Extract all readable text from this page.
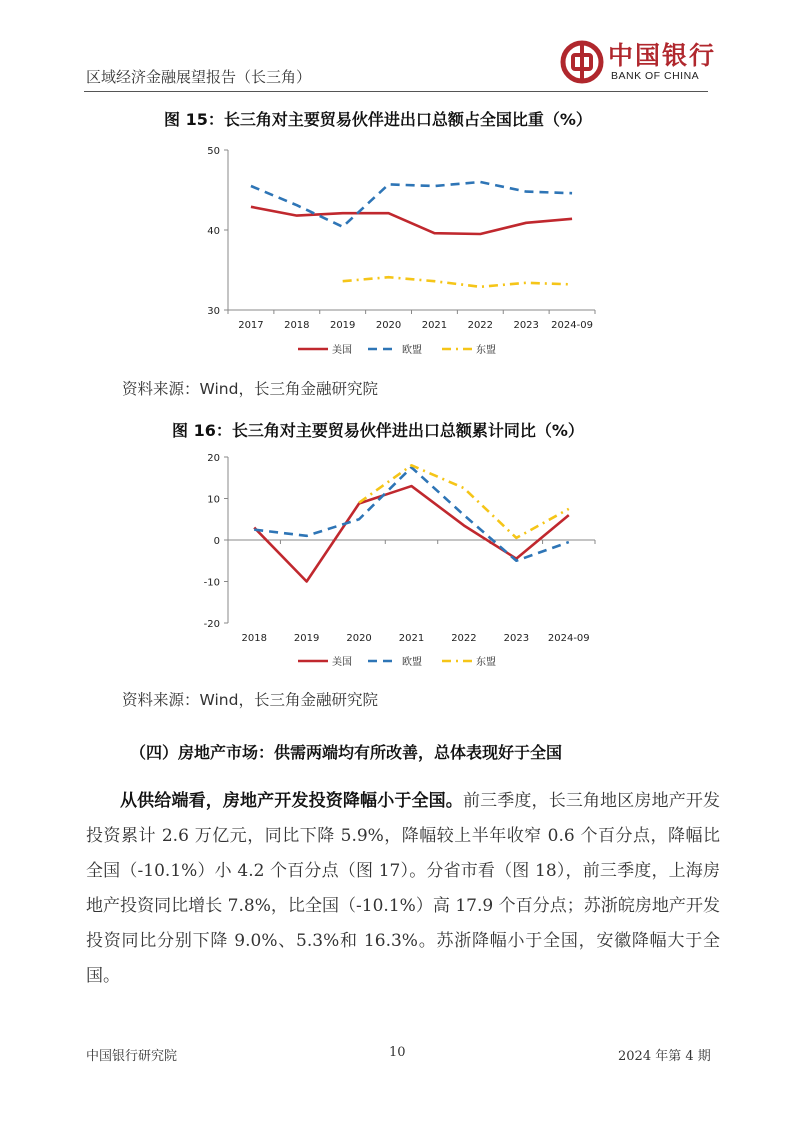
区域经济金融展望报告（长三角）
中国银行
BANK OF CHINA
图 15：长三角对主要贸易伙伴进出口总额占全国比重（%）
30
40
50
2017 2018 2019 2020 2021 2022 2023 2024-09
美国	欧盟	东盟
资料来源：Wind，长三角金融研究院
图 16：长三角对主要贸易伙伴进出口总额累计同比（%）
-20
-10
0
10
20
2018	2019	2020	2021	2022	2023 2024-09
美国	欧盟	东盟
资料来源：Wind，长三角金融研究院
（四）房地产市场：供需两端均有所改善，总体表现好于全国

从供给端看，房地产开发投资降幅小于全国。前三季度，长三角地区房地产开发投资累计 2.6 万亿元，同比下降 5.9%，降幅较上半年收窄 0.6 个百分点，降幅比全国（-10.1%）小 4.2 个百分点（图 17）。分省市看（图 18），前三季度，上海房地产投资同比增长 7.8%，比全国（-10.1%）高 17.9 个百分点；苏浙皖房地产开发投资同比分别下降 9.0%、5.3%和 16.3%。苏浙降幅小于全国，安徽降幅大于全国。

中国银行研究院	10	2024 年第 4 期
